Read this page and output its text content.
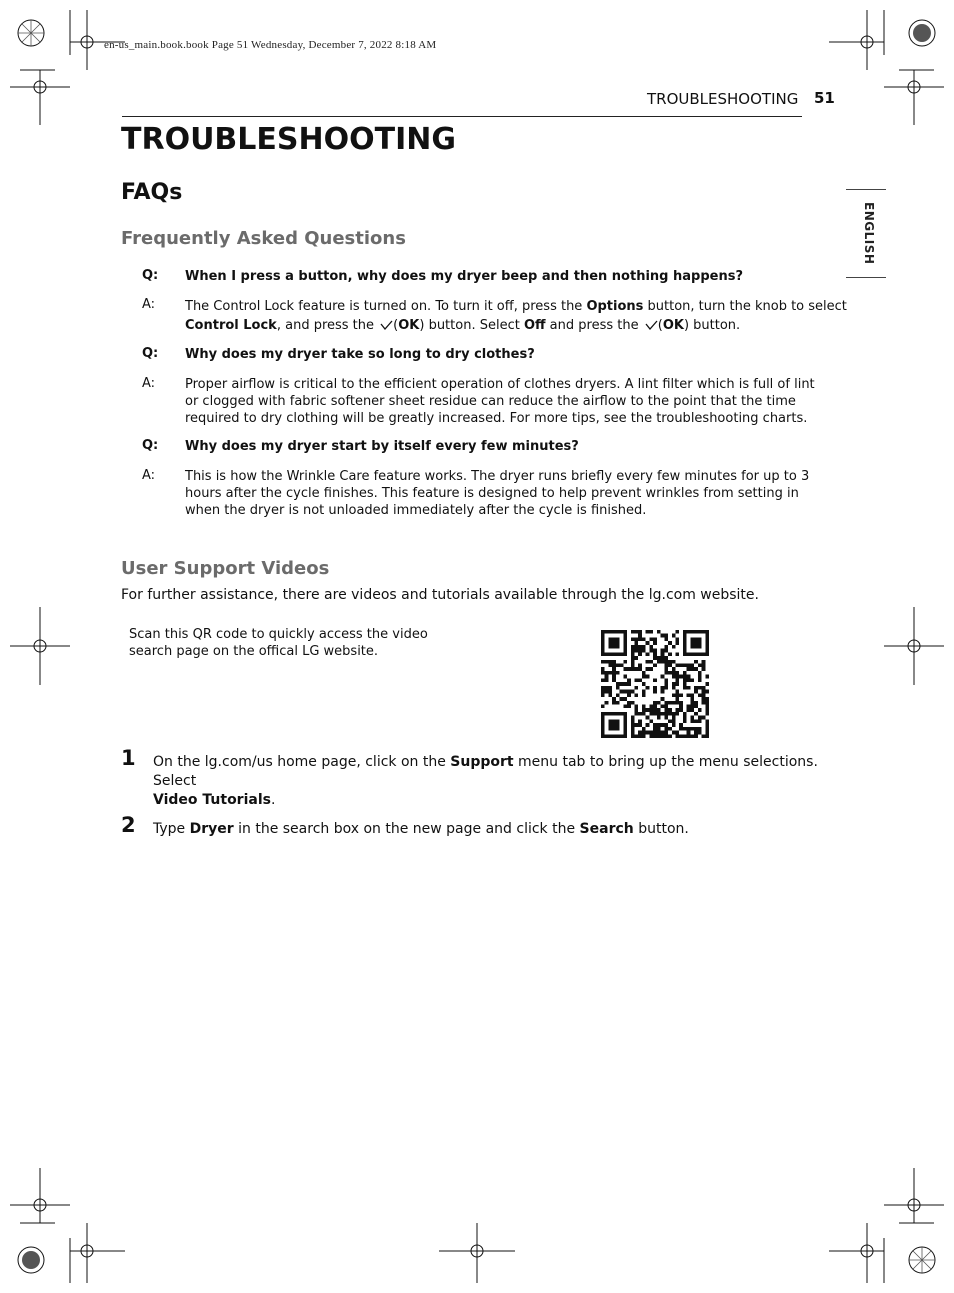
en-us_main.book.book Page 51 Wednesday, December 7, 2022 8:18 AM
TROUBLESHOOTING 51
ENGLISH
TROUBLESHOOTING
FAQs
Frequently Asked Questions
Q: When I press a button, why does my dryer beep and then nothing happens?
A: The Control Lock feature is turned on. To turn it off, press the Options button, turn the knob to select
Control Lock, and press the (OK) button. Select Off and press the (OK) button.
Q: Why does my dryer take so long to dry clothes?
A: Proper airflow is critical to the efficient operation of clothes dryers. A lint filter which is full of lint or clogged with fabric softener sheet residue can reduce the airflow to the point that the time required to dry clothing will be greatly increased. For more tips, see the troubleshooting charts.
Q: Why does my dryer start by itself every few minutes?
A: This is how the Wrinkle Care feature works. The dryer runs briefly every few minutes for up to 3 hours after the cycle finishes. This feature is designed to help prevent wrinkles from setting in when the dryer is not unloaded immediately after the cycle is finished.
User Support Videos
For further assistance, there are videos and tutorials available through the lg.com website.
Scan this QR code to quickly access the video search page on the offical LG website.
1 On the lg.com/us home page, click on the Support menu tab to bring up the menu selections. Select
Video Tutorials.
2 Type Dryer in the search box on the new page and click the Search button.
